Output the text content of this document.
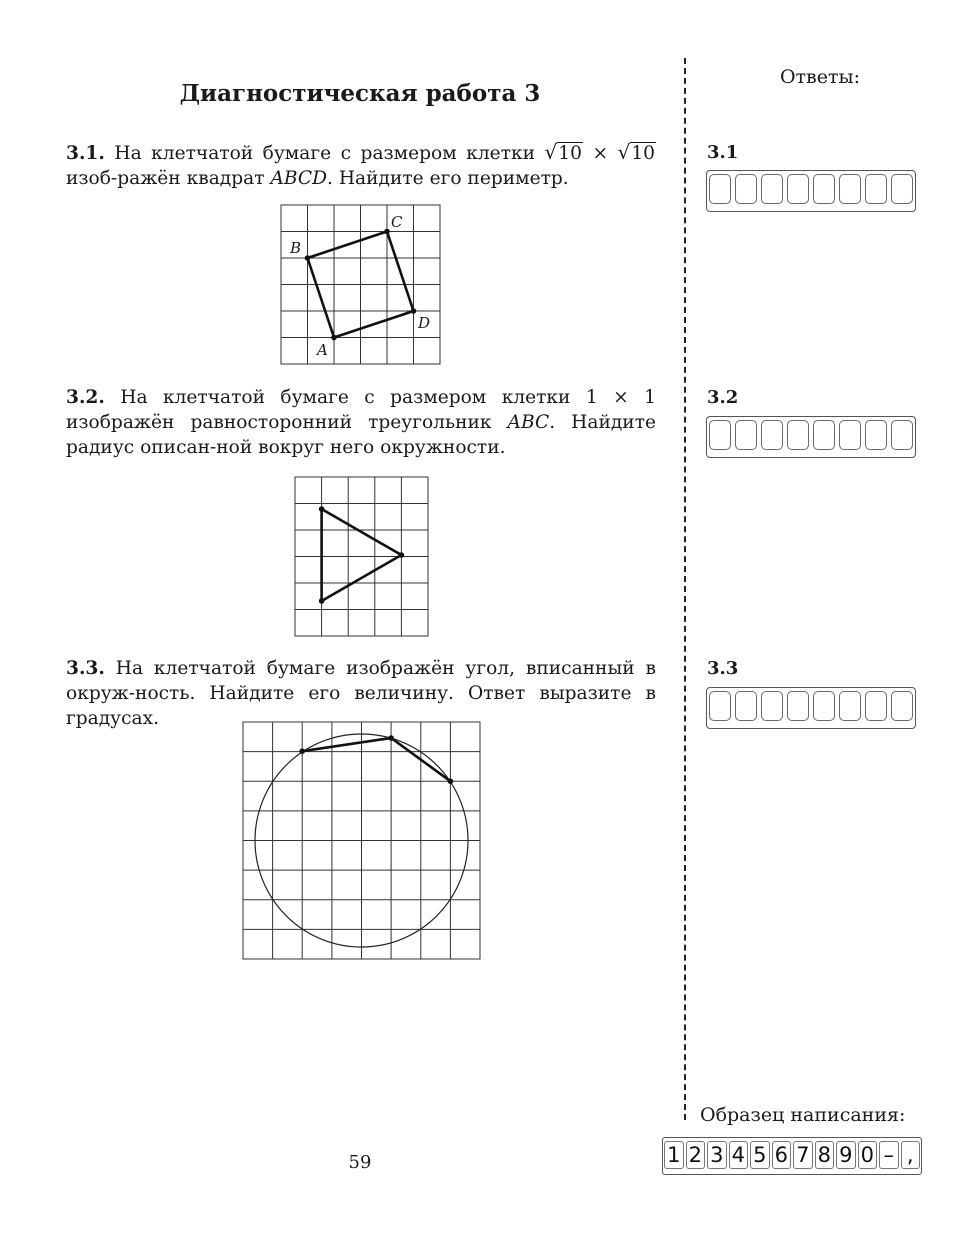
Диагностическая работа 3
Ответы:
3.1. На клетчатой бумаге с размером клетки √10 × √10 изоб-ражён квадрат ABCD. Найдите его периметр.
A
B
C
D
3.2. На клетчатой бумаге с размером клетки 1 × 1 изображён равносторонний треугольник ABC. Найдите радиус описан-ной вокруг него окружности.
3.3. На клетчатой бумаге изображён угол, вписанный в окруж-ность. Найдите его величину. Ответ выразите в градусах.
3.1
3.2
3.3
Образец написания:
1 2 3 4 5 6 7 8 9 0 – ,
59
